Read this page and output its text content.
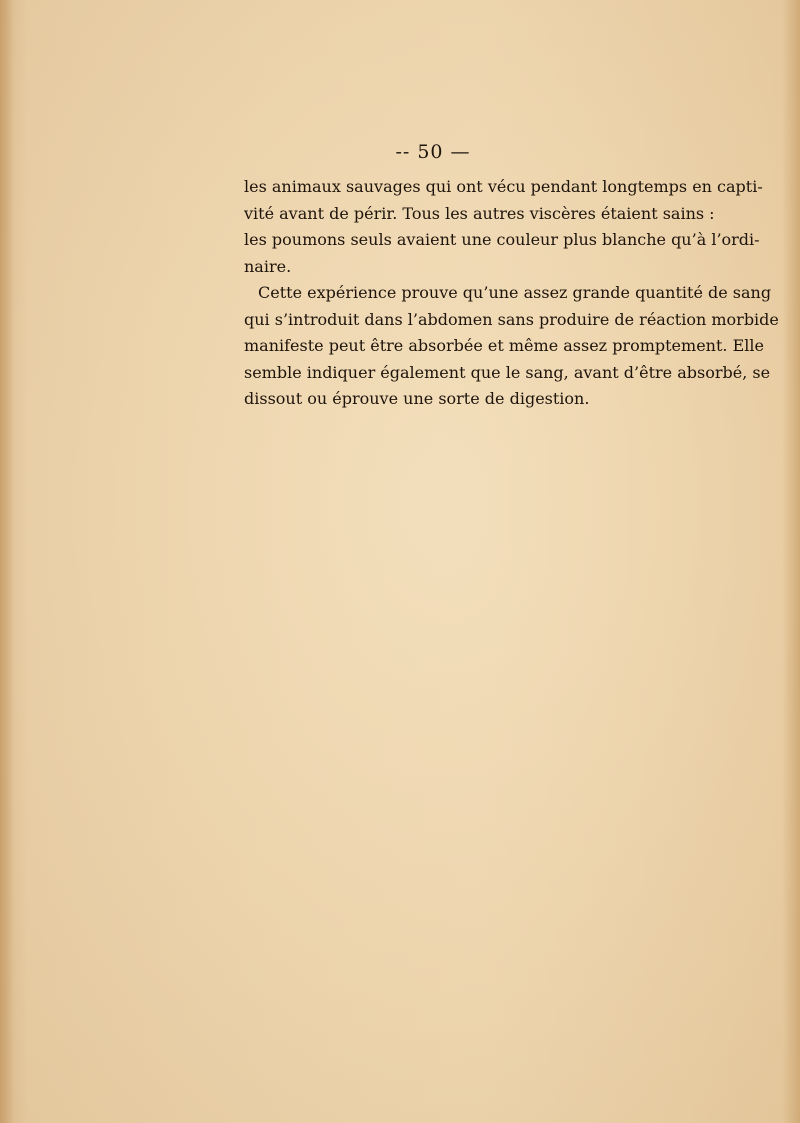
-- 50 —
les animaux sauvages qui ont vécu pendant longtemps en capti-
vité avant de périr. Tous les autres viscères étaient sains :
les poumons seuls avaient une couleur plus blanche qu’à l’ordi-
naire.
Cette expérience prouve qu’une assez grande quantité de sang
qui s’introduit dans l’abdomen sans produire de réaction morbide
manifeste peut être absorbée et même assez promptement. Elle
semble indiquer également que le sang, avant d’être absorbé, se
dissout ou éprouve une sorte de digestion.
